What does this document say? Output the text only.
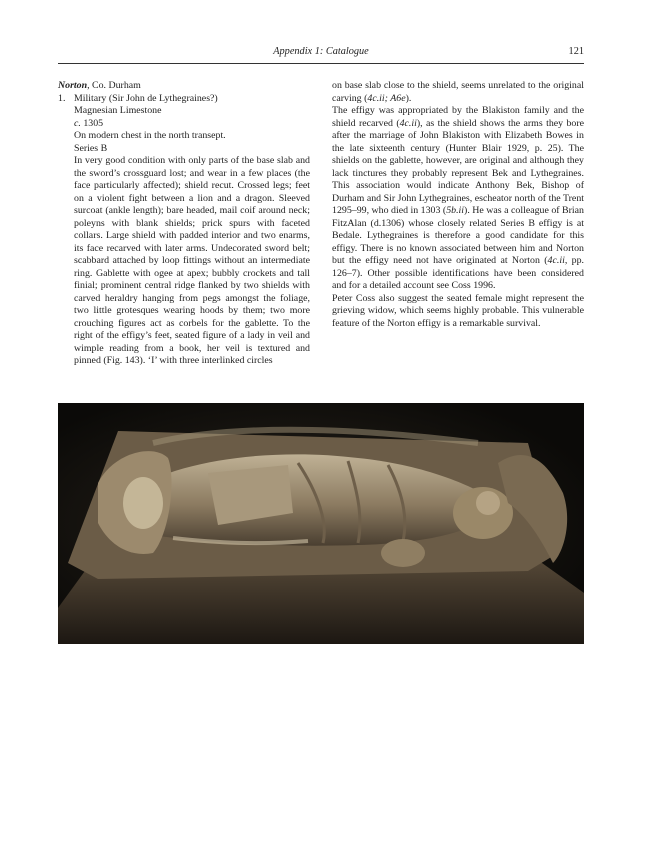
Appendix 1: Catalogue	121

Norton, Co. Durham

1. Military (Sir John de Lythegraines?)

Magnesian Limestone

c. 1305

On modern chest in the north transept.

Series B

In very good condition with only parts of the base slab and the sword’s crossguard lost; and wear in a few places (the face particularly affected); shield recut. Crossed legs; feet on a violent fight between a lion and a dragon. Sleeved surcoat (ankle length); bare headed, mail coif around neck; poleyns with blank shields; prick spurs with faceted collars. Large shield with padded interior and two enarms, its face recarved with later arms. Undecorated sword belt; scabbard attached by loop fittings without an intermediate ring. Gablette with ogee at apex; bubbly crockets and tall finial; prominent central ridge flanked by two shields with carved heraldry hanging from pegs amongst the foliage, two little grotesques wearing hoods by them; two more crouching figures act as corbels for the gablette. To the right of the effigy’s feet, seated figure of a lady in veil and wimple reading from a book, her veil is textured and pinned (Fig. 143). ‘I’ with three interlinked circles

on base slab close to the shield, seems unrelated to the original carving (4c.ii; A6e).

The effigy was appropriated by the Blakiston family and the shield recarved (4c.ii), as the shield shows the arms they bore after the marriage of John Blakiston with Elizabeth Bowes in the late sixteenth century (Hunter Blair 1929, p. 25). The shields on the gablette, however, are original and although they lack tinctures they probably represent Bek and Lythegraines. This association would indicate Anthony Bek, Bishop of Durham and Sir John Lythegraines, escheator north of the Trent 1295–99, who died in 1303 (5b.ii). He was a colleague of Brian FitzAlan (d.1306) whose closely related Series B effigy is at Bedale. Lythegraines is therefore a good candidate for this effigy. There is no known associated between him and Norton but the effigy need not have originated at Norton (4c.ii, pp. 126–7). Other possible identifications have been considered and for a detailed account see Coss 1996.

Peter Coss also suggest the seated female might represent the grieving widow, which seems highly probable. This vulnerable feature of the Norton effigy is a remarkable survival.
